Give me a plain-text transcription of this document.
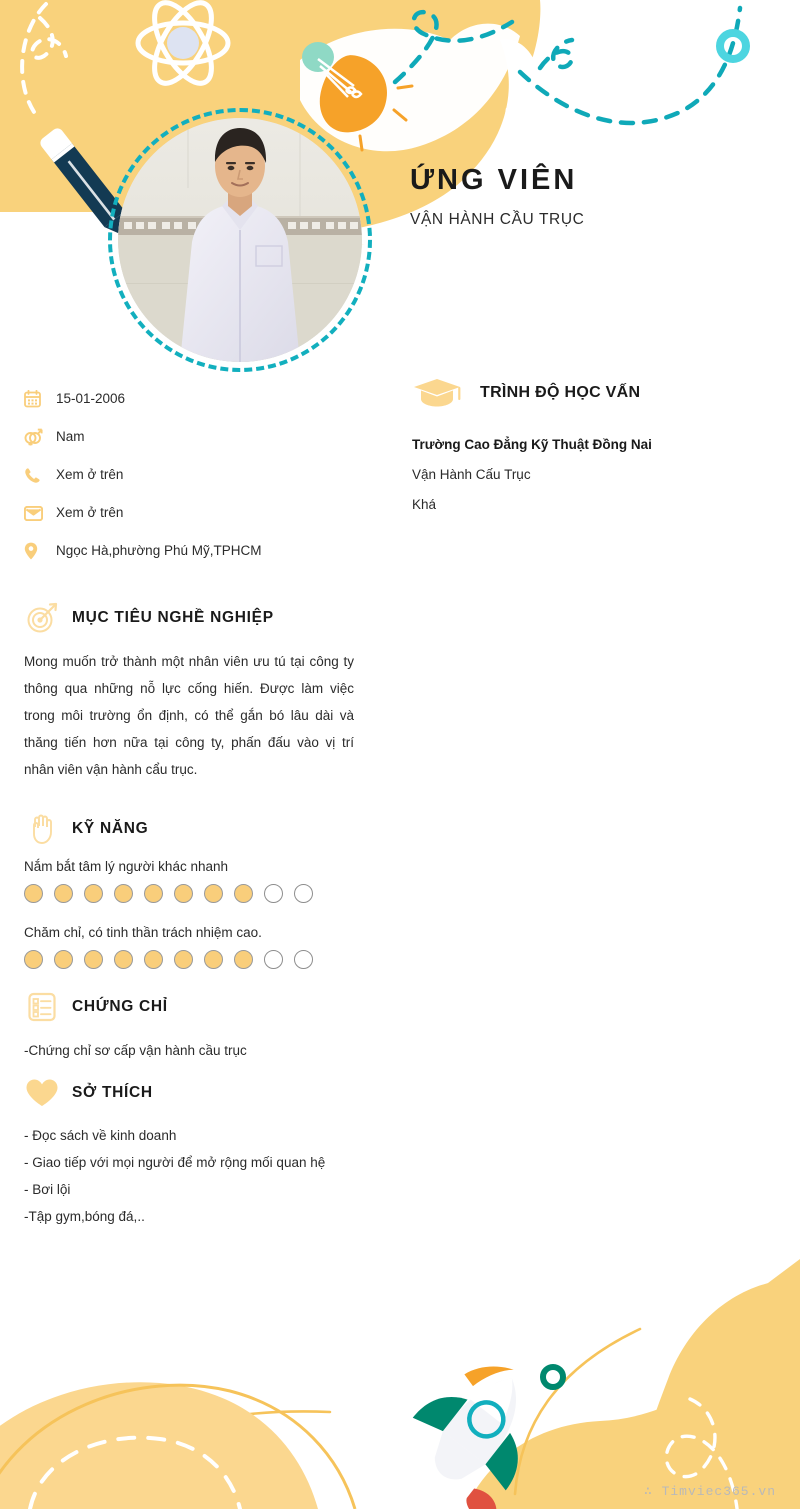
ỨNG VIÊN

VẬN HÀNH CẦU TRỤC

15-01-2006
Nam
Xem ở trên
Xem ở trên
Ngọc Hà,phường Phú Mỹ,TPHCM
MỤC TIÊU NGHỀ NGHIỆP

Mong muốn trở thành một nhân viên ưu tú tại công ty thông qua những nỗ lực cống hiến. Được làm việc trong môi trường ổn định, có thể gắn bó lâu dài và thăng tiến hơn nữa tại công ty, phấn đấu vào vị trí nhân viên vận hành cẩu trục.

KỸ NĂNG

Nắm bắt tâm lý người khác nhanh

Chăm chỉ, có tinh thần trách nhiệm cao.

CHỨNG CHỈ

-Chứng chỉ sơ cấp vận hành cầu trục

SỞ THÍCH

- Đọc sách về kinh doanh

- Giao tiếp với mọi người để mở rộng mối quan hệ

- Bơi lội

-Tập gym,bóng đá,..

TRÌNH ĐỘ HỌC VẤN

Trường Cao Đẳng Kỹ Thuật Đồng Nai

Vận Hành Cấu Trục

Khá

∴ Timviec365.vn
